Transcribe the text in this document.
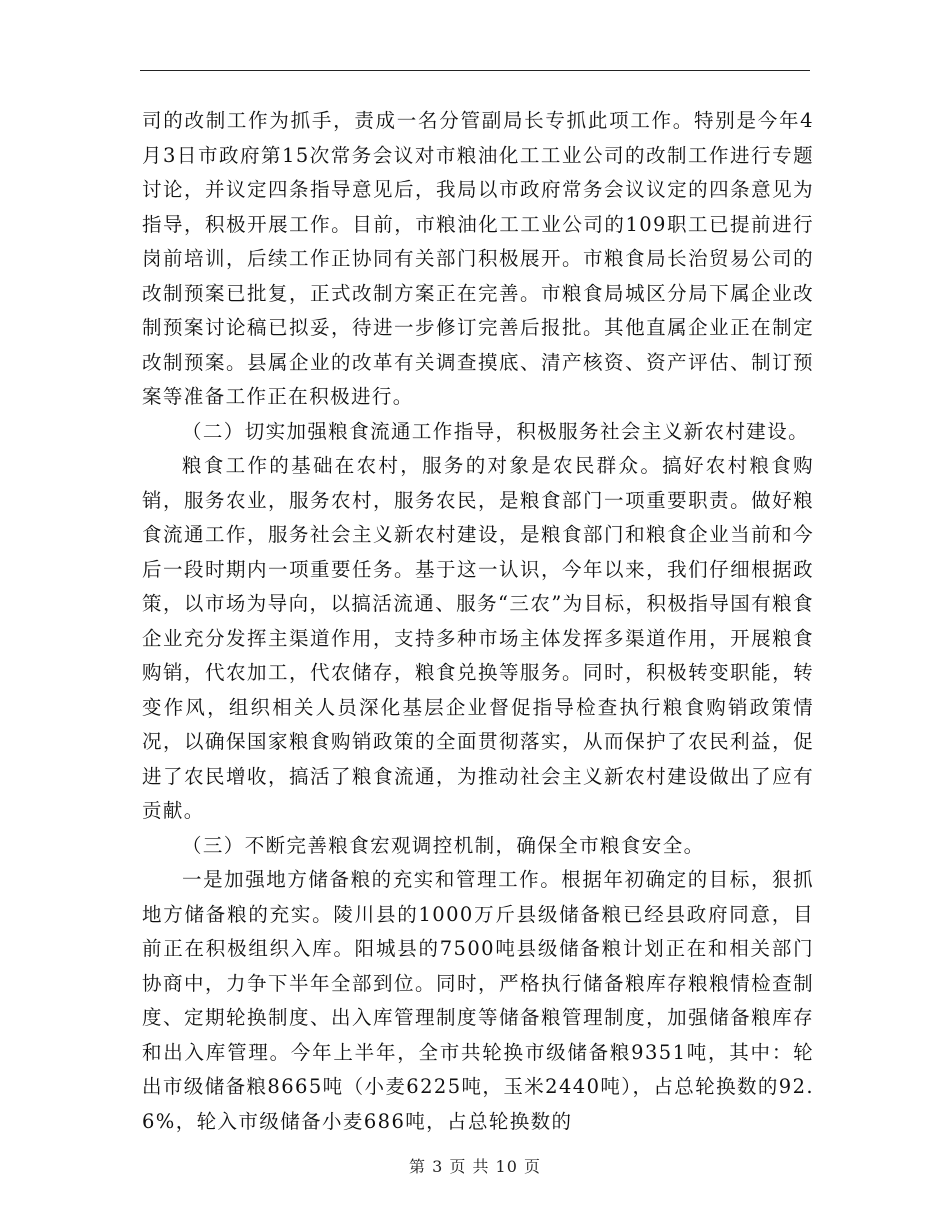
司的改制工作为抓手，责成一名分管副局长专抓此项工作。特别是今年4月3日市政府第15次常务会议对市粮油化工工业公司的改制工作进行专题讨论，并议定四条指导意见后，我局以市政府常务会议议定的四条意见为指导，积极开展工作。目前，市粮油化工工业公司的109职工已提前进行岗前培训，后续工作正协同有关部门积极展开。市粮食局长治贸易公司的改制预案已批复，正式改制方案正在完善。市粮食局城区分局下属企业改制预案讨论稿已拟妥，待进一步修订完善后报批。其他直属企业正在制定改制预案。县属企业的改革有关调查摸底、清产核资、资产评估、制订预案等准备工作正在积极进行。

（二）切实加强粮食流通工作指导，积极服务社会主义新农村建设。

粮食工作的基础在农村，服务的对象是农民群众。搞好农村粮食购销，服务农业，服务农村，服务农民，是粮食部门一项重要职责。做好粮食流通工作，服务社会主义新农村建设，是粮食部门和粮食企业当前和今后一段时期内一项重要任务。基于这一认识，今年以来，我们仔细根据政策，以市场为导向，以搞活流通、服务“三农”为目标，积极指导国有粮食企业充分发挥主渠道作用，支持多种市场主体发挥多渠道作用，开展粮食购销，代农加工，代农储存，粮食兑换等服务。同时，积极转变职能，转变作风，组织相关人员深化基层企业督促指导检查执行粮食购销政策情况，以确保国家粮食购销政策的全面贯彻落实，从而保护了农民利益，促进了农民增收，搞活了粮食流通，为推动社会主义新农村建设做出了应有贡献。

（三）不断完善粮食宏观调控机制，确保全市粮食安全。

一是加强地方储备粮的充实和管理工作。根据年初确定的目标，狠抓地方储备粮的充实。陵川县的1000万斤县级储备粮已经县政府同意，目前正在积极组织入库。阳城县的7500吨县级储备粮计划正在和相关部门协商中，力争下半年全部到位。同时，严格执行储备粮库存粮粮情检查制度、定期轮换制度、出入库管理制度等储备粮管理制度，加强储备粮库存和出入库管理。今年上半年，全市共轮换市级储备粮9351吨，其中：轮出市级储备粮8665吨（小麦6225吨，玉米2440吨），占总轮换数的92.6%，轮入市级储备小麦686吨，占总轮换数的

第 3 页 共 10 页
